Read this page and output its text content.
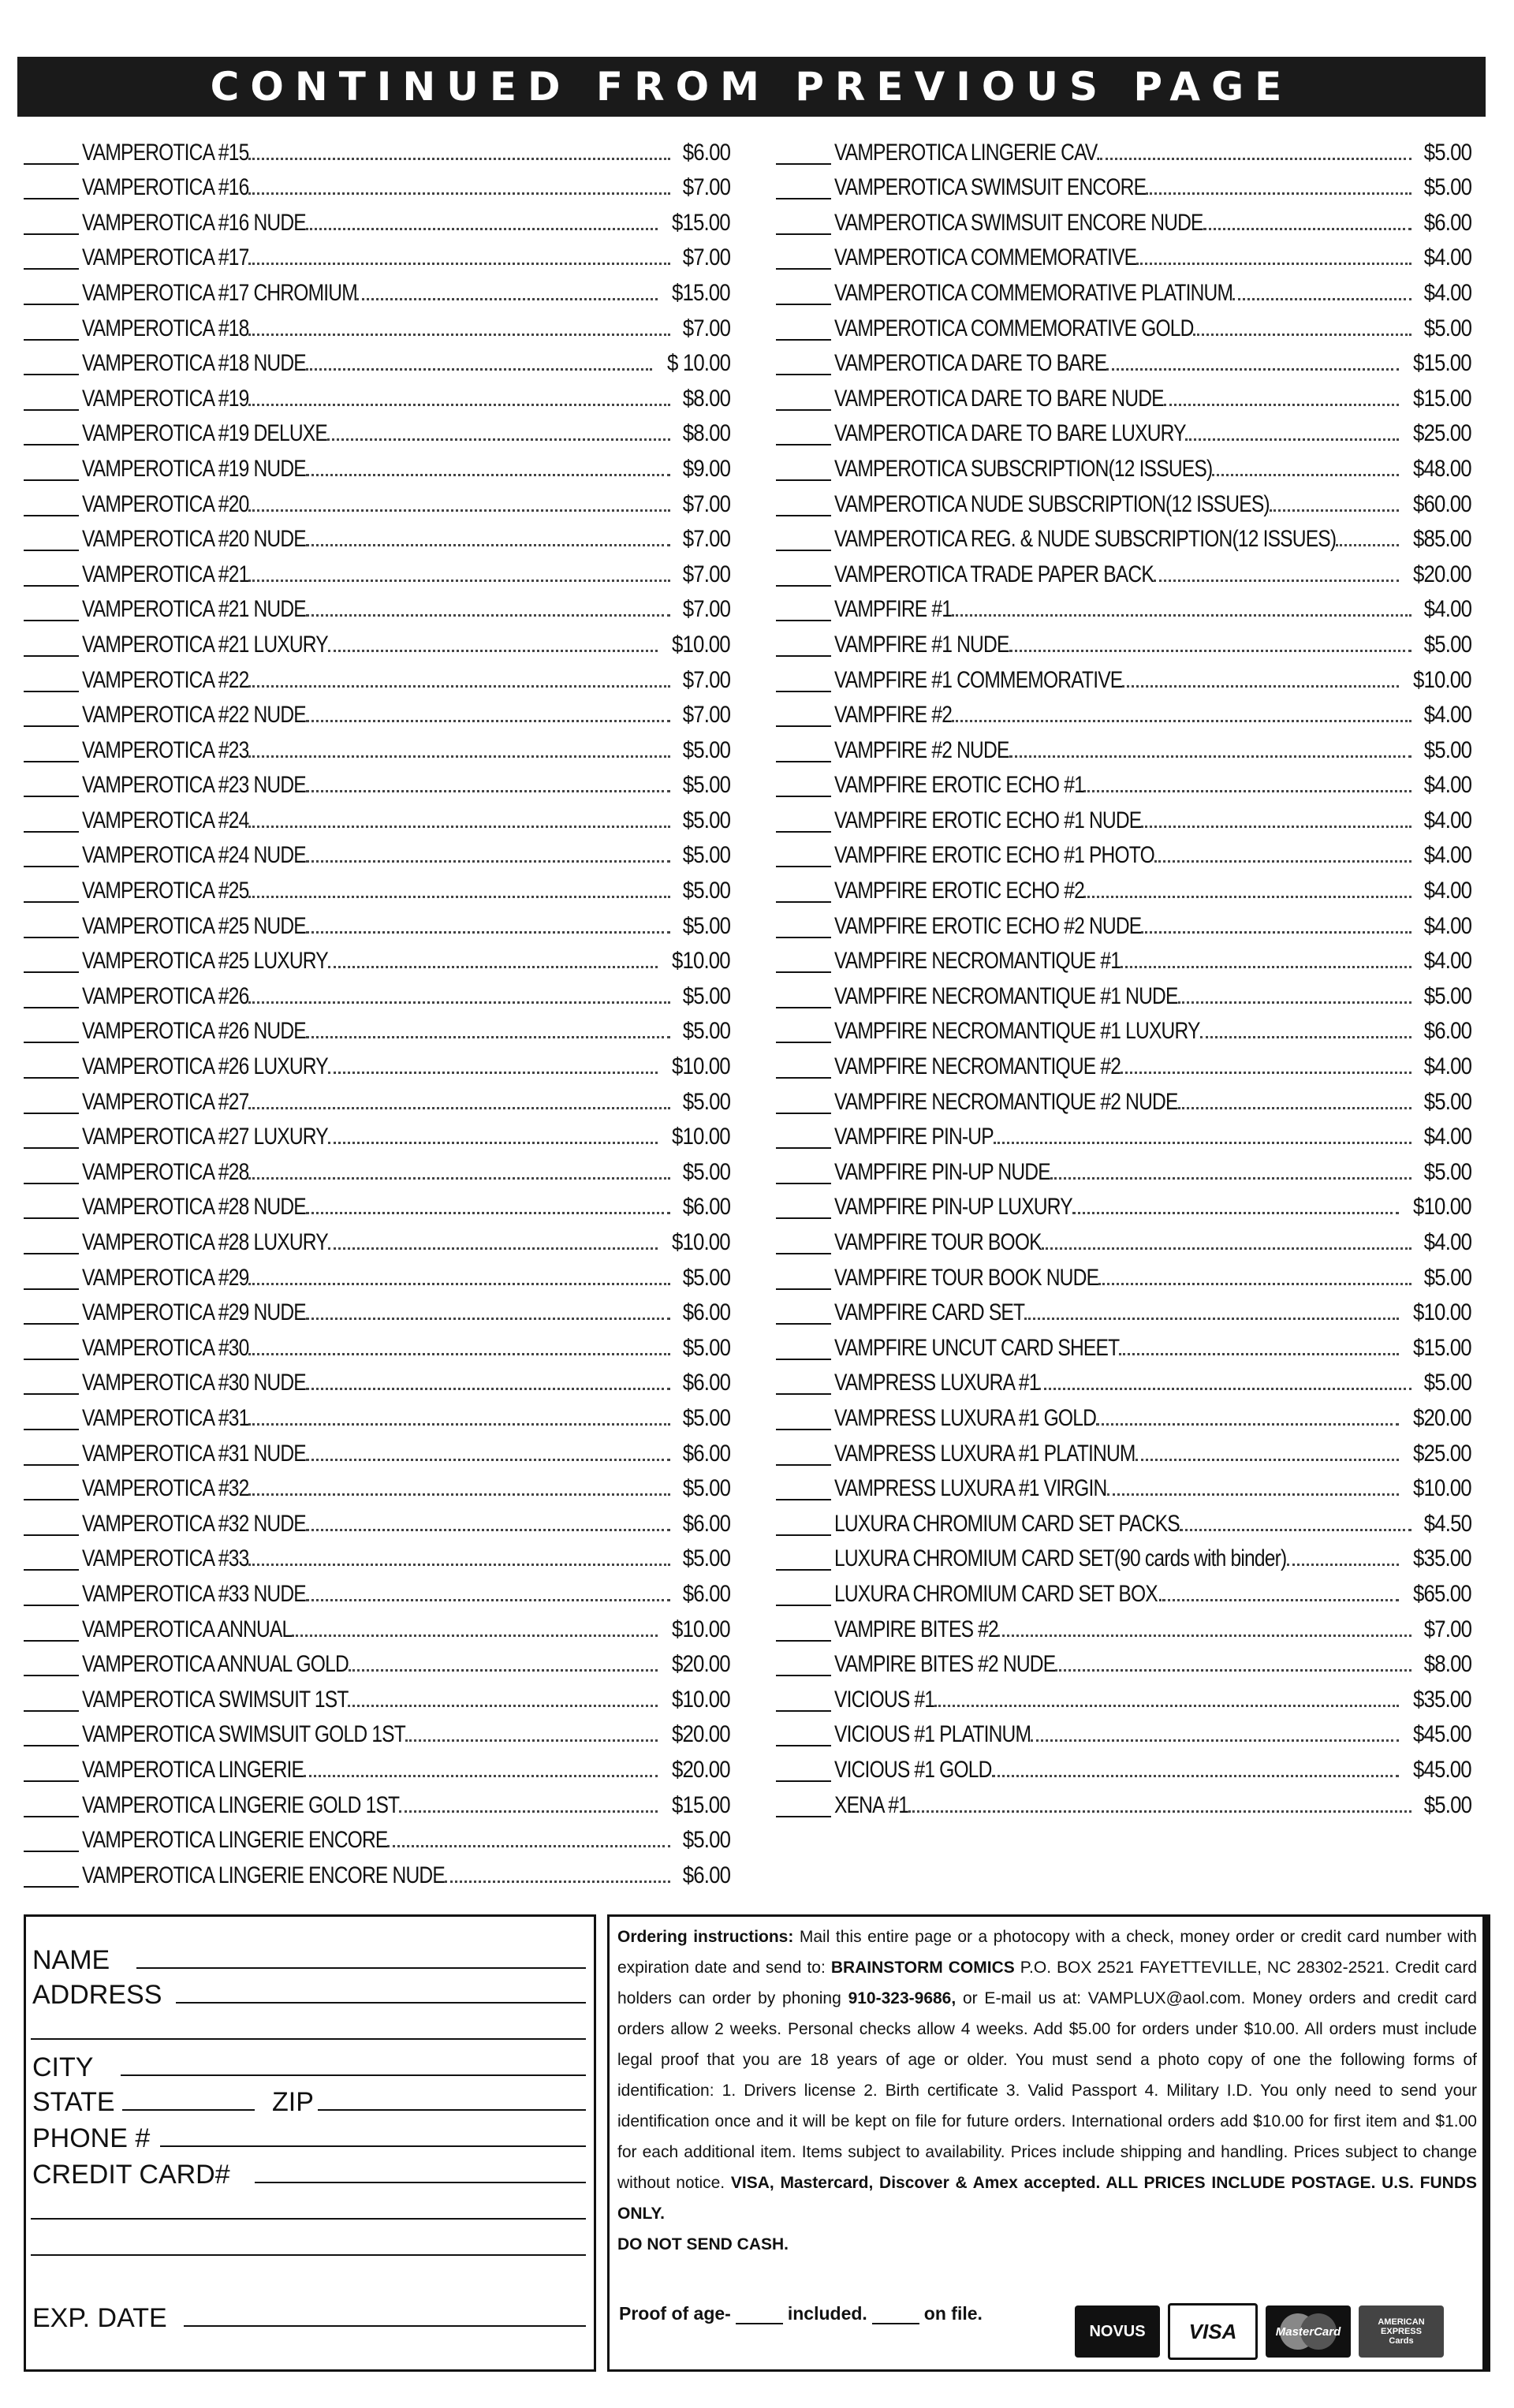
CONTINUED FROM PREVIOUS PAGE
VAMPEROTICA #15	$6.00
VAMPEROTICA #16	$7.00
VAMPEROTICA #16 NUDE	$15.00
VAMPEROTICA #17	$7.00
VAMPEROTICA #17 CHROMIUM	$15.00
VAMPEROTICA #18	$7.00
VAMPEROTICA #18 NUDE	$ 10.00
VAMPEROTICA #19	$8.00
VAMPEROTICA #19 DELUXE	$8.00
VAMPEROTICA #19 NUDE	$9.00
VAMPEROTICA #20	$7.00
VAMPEROTICA #20 NUDE	$7.00
VAMPEROTICA #21	$7.00
VAMPEROTICA #21 NUDE	$7.00
VAMPEROTICA #21 LUXURY	$10.00
VAMPEROTICA #22	$7.00
VAMPEROTICA #22 NUDE	$7.00
VAMPEROTICA #23	$5.00
VAMPEROTICA #23 NUDE	$5.00
VAMPEROTICA #24	$5.00
VAMPEROTICA #24 NUDE	$5.00
VAMPEROTICA #25	$5.00
VAMPEROTICA #25 NUDE	$5.00
VAMPEROTICA #25 LUXURY	$10.00
VAMPEROTICA #26	$5.00
VAMPEROTICA #26 NUDE	$5.00
VAMPEROTICA #26 LUXURY	$10.00
VAMPEROTICA #27	$5.00
VAMPEROTICA #27 LUXURY	$10.00
VAMPEROTICA #28	$5.00
VAMPEROTICA #28 NUDE	$6.00
VAMPEROTICA #28 LUXURY	$10.00
VAMPEROTICA #29	$5.00
VAMPEROTICA #29 NUDE	$6.00
VAMPEROTICA #30	$5.00
VAMPEROTICA #30 NUDE	$6.00
VAMPEROTICA #31	$5.00
VAMPEROTICA #31 NUDE	$6.00
VAMPEROTICA #32	$5.00
VAMPEROTICA #32 NUDE	$6.00
VAMPEROTICA #33	$5.00
VAMPEROTICA #33 NUDE	$6.00
VAMPEROTICA ANNUAL	$10.00
VAMPEROTICA ANNUAL GOLD	$20.00
VAMPEROTICA SWIMSUIT 1ST	$10.00
VAMPEROTICA SWIMSUIT GOLD 1ST	$20.00
VAMPEROTICA LINGERIE	$20.00
VAMPEROTICA LINGERIE GOLD 1ST	$15.00
VAMPEROTICA LINGERIE ENCORE	$5.00
VAMPEROTICA LINGERIE ENCORE NUDE	$6.00
VAMPEROTICA LINGERIE CAV.	$5.00
VAMPEROTICA SWIMSUIT ENCORE	$5.00
VAMPEROTICA SWIMSUIT ENCORE NUDE	$6.00
VAMPEROTICA COMMEMORATIVE	$4.00
VAMPEROTICA COMMEMORATIVE PLATINUM	$4.00
VAMPEROTICA COMMEMORATIVE GOLD	$5.00
VAMPEROTICA DARE TO BARE	$15.00
VAMPEROTICA DARE TO BARE NUDE	$15.00
VAMPEROTICA DARE TO BARE LUXURY	$25.00
VAMPEROTICA SUBSCRIPTION(12 ISSUES)	$48.00
VAMPEROTICA NUDE SUBSCRIPTION(12 ISSUES)	$60.00
VAMPEROTICA REG. & NUDE SUBSCRIPTION(12 ISSUES)	$85.00
VAMPEROTICA TRADE PAPER BACK	$20.00
VAMPFIRE #1	$4.00
VAMPFIRE #1 NUDE	$5.00
VAMPFIRE #1 COMMEMORATIVE	$10.00
VAMPFIRE #2	$4.00
VAMPFIRE #2 NUDE	$5.00
VAMPFIRE EROTIC ECHO #1	$4.00
VAMPFIRE EROTIC ECHO #1 NUDE	$4.00
VAMPFIRE EROTIC ECHO #1 PHOTO	$4.00
VAMPFIRE EROTIC ECHO #2	$4.00
VAMPFIRE EROTIC ECHO #2 NUDE	$4.00
VAMPFIRE NECROMANTIQUE #1	$4.00
VAMPFIRE NECROMANTIQUE #1 NUDE	$5.00
VAMPFIRE NECROMANTIQUE #1 LUXURY	$6.00
VAMPFIRE NECROMANTIQUE #2	$4.00
VAMPFIRE NECROMANTIQUE #2 NUDE	$5.00
VAMPFIRE PIN-UP	$4.00
VAMPFIRE PIN-UP NUDE	$5.00
VAMPFIRE PIN-UP LUXURY	$10.00
VAMPFIRE TOUR BOOK	$4.00
VAMPFIRE TOUR BOOK NUDE	$5.00
VAMPFIRE CARD SET	$10.00
VAMPFIRE UNCUT CARD SHEET	$15.00
VAMPRESS LUXURA #1	$5.00
VAMPRESS LUXURA #1 GOLD	$20.00
VAMPRESS LUXURA #1 PLATINUM	$25.00
VAMPRESS LUXURA #1 VIRGIN	$10.00
LUXURA CHROMIUM CARD SET PACKS	$4.50
LUXURA CHROMIUM CARD SET(90 cards with binder)	$35.00
LUXURA CHROMIUM CARD SET BOX.	$65.00
VAMPIRE BITES #2	$7.00
VAMPIRE BITES #2 NUDE	$8.00
VICIOUS #1	$35.00
VICIOUS #1 PLATINUM	$45.00
VICIOUS #1 GOLD	$45.00
XENA #1	$5.00
NAME
ADDRESS
CITY
STATE	ZIP
PHONE #
CREDIT CARD#
EXP. DATE
Ordering instructions: Mail this entire page or a photocopy with a check, money order or credit card number with expiration date and send to: BRAINSTORM COMICS P.O. BOX 2521 FAYETTEVILLE, NC 28302-2521. Credit card holders can order by phoning 910-323-9686, or E-mail us at: VAMPLUX@aol.com. Money orders and credit card orders allow 2 weeks. Personal checks allow 4 weeks. Add $5.00 for orders under $10.00. All orders must include legal proof that you are 18 years of age or older. You must send a photo copy of one the following forms of identification: 1. Drivers license 2. Birth certificate 3. Valid Passport 4. Military I.D. You only need to send your identification once and it will be kept on file for future orders. International orders add $10.00 for first item and $1.00 for each additional item. Items subject to availability. Prices include shipping and handling. Prices subject to change without notice. VISA, Mastercard, Discover & Amex accepted. ALL PRICES INCLUDE POSTAGE. U.S. FUNDS ONLY.
DO NOT SEND CASH.
Proof of age-	included.	on file.
NOVUS VISA	MasterCard
AMERICAN
EXPRESS
Cards
